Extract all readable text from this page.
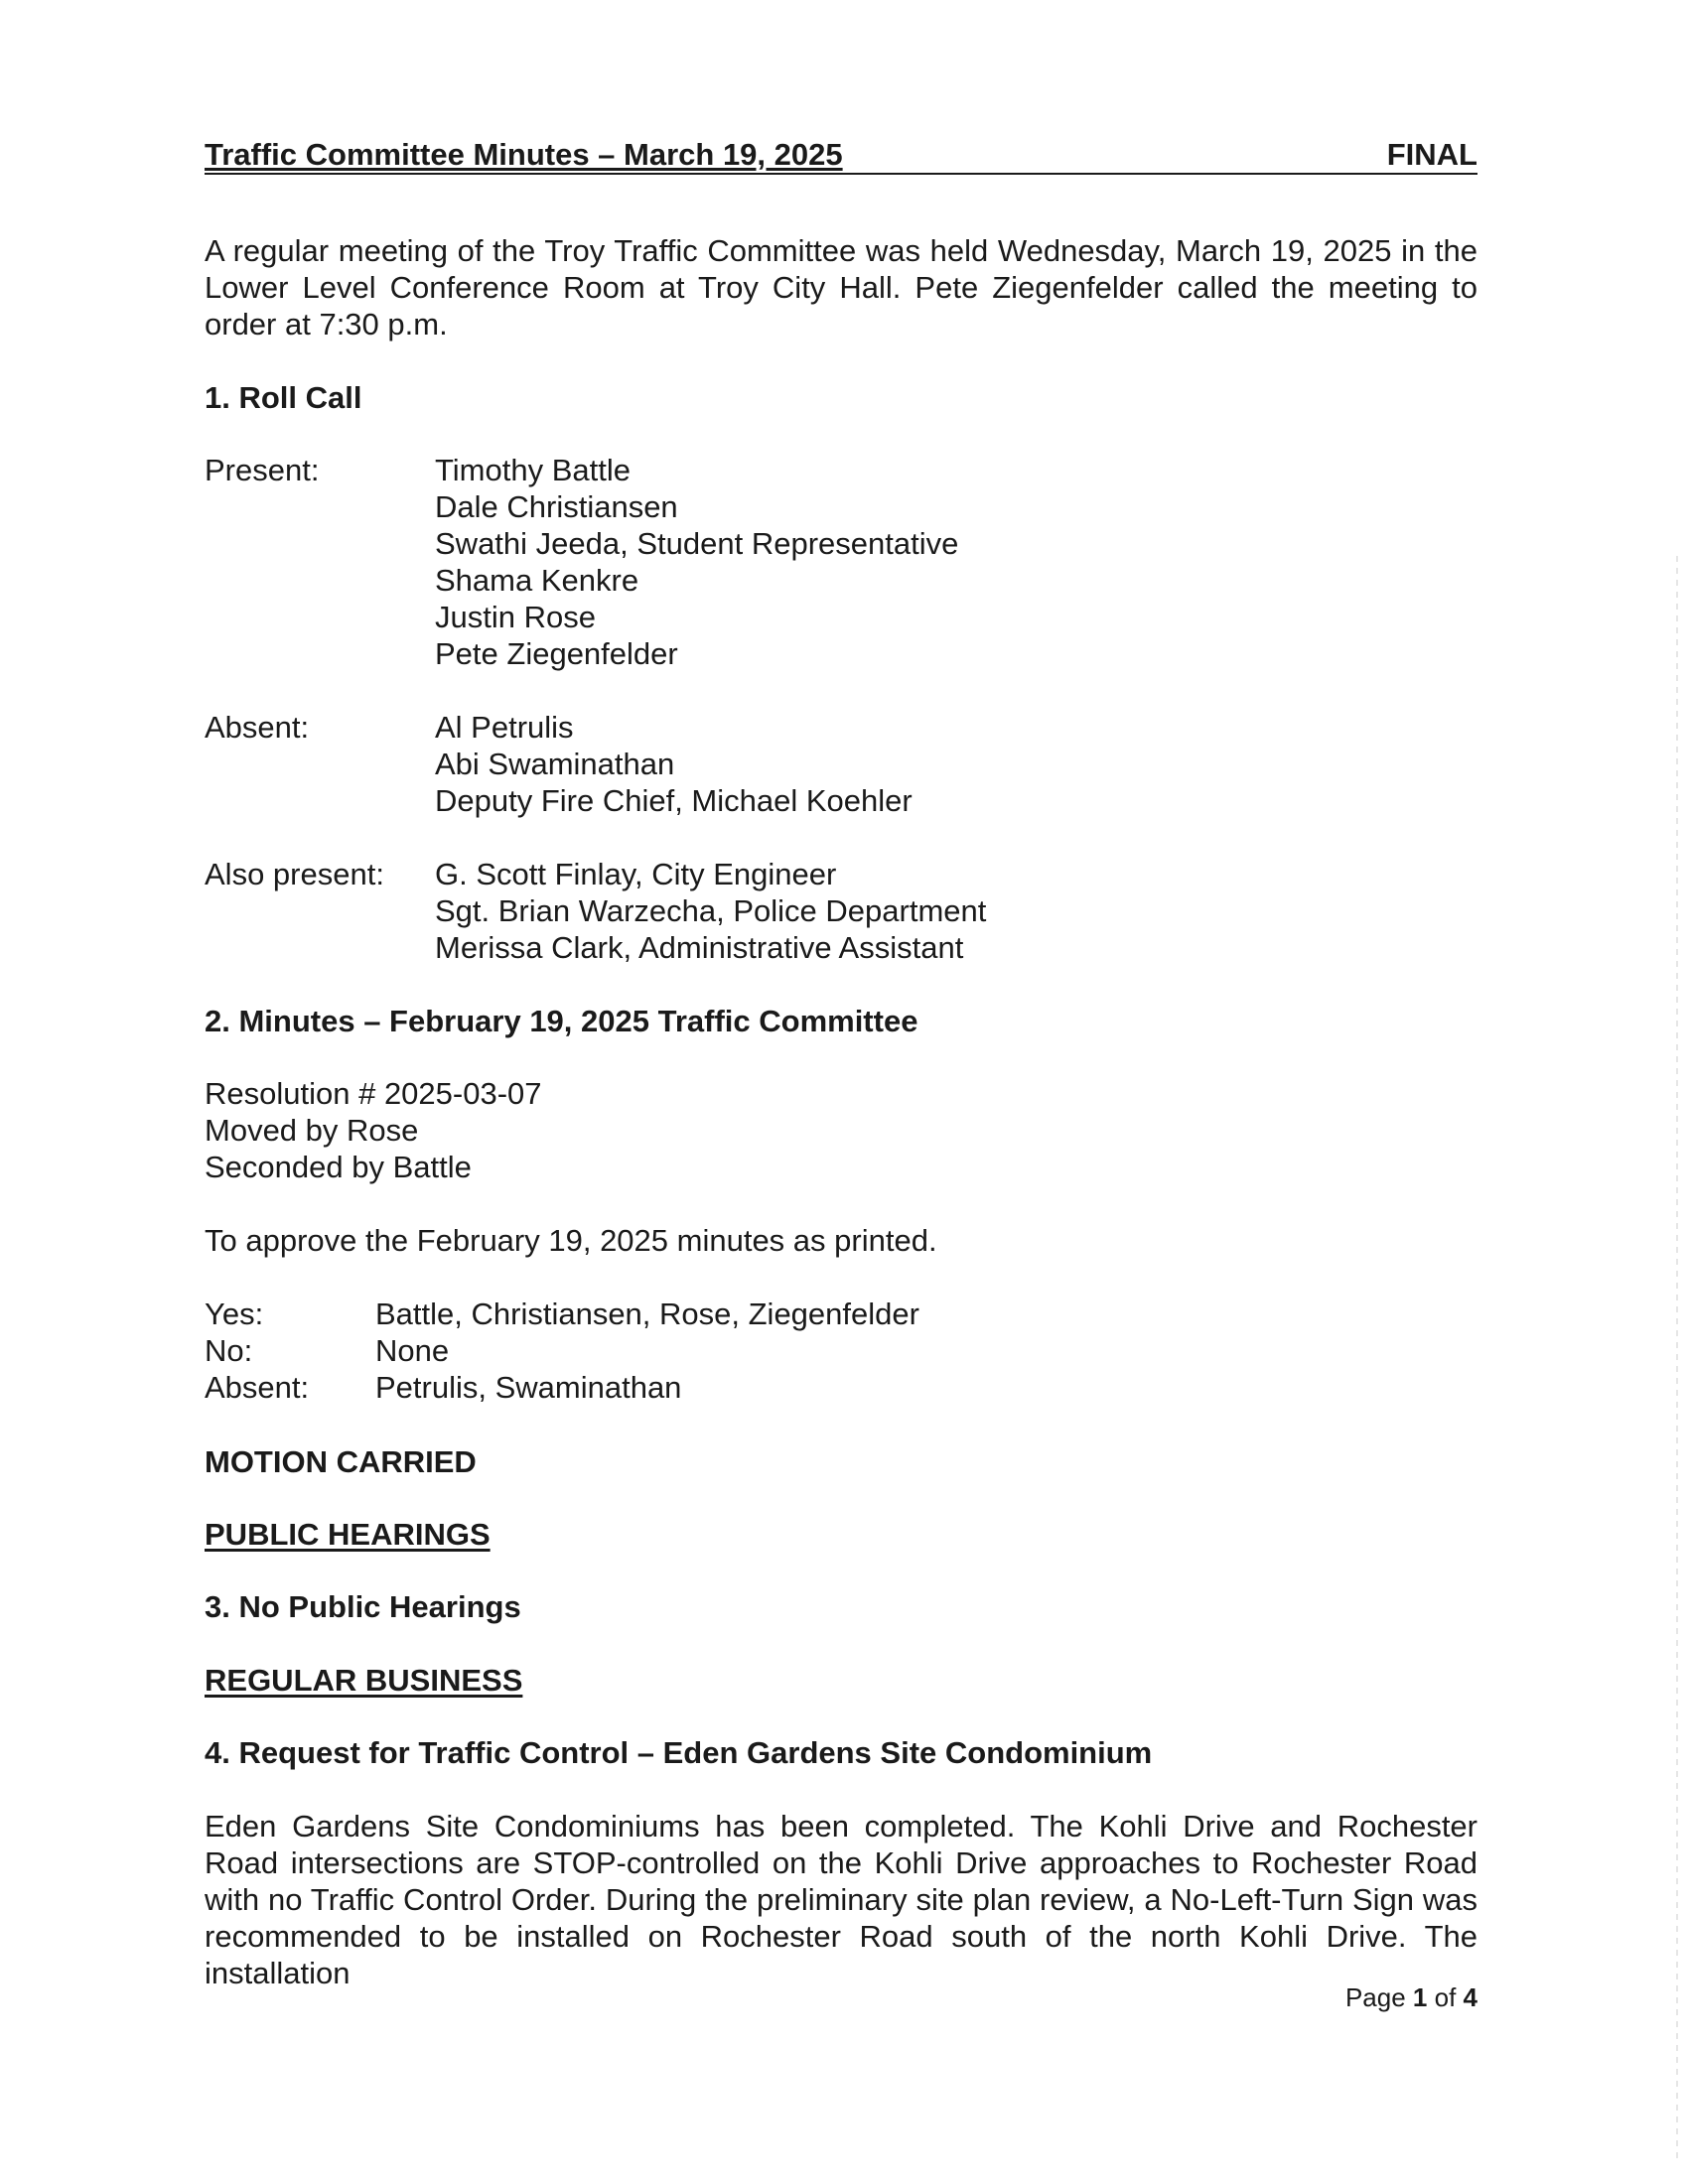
Traffic Committee Minutes – March 19, 2025	FINAL
A regular meeting of the Troy Traffic Committee was held Wednesday, March 19, 2025 in the Lower Level Conference Room at Troy City Hall. Pete Ziegenfelder called the meeting to order at 7:30 p.m.
1. Roll Call
Present:	Timothy Battle
Dale Christiansen
Swathi Jeeda, Student Representative
Shama Kenkre
Justin Rose
Pete Ziegenfelder
Absent:	Al Petrulis
Abi Swaminathan
Deputy Fire Chief, Michael Koehler
Also present:	G. Scott Finlay, City Engineer
Sgt. Brian Warzecha, Police Department
Merissa Clark, Administrative Assistant
2. Minutes – February 19, 2025 Traffic Committee
Resolution # 2025-03-07
Moved by Rose
Seconded by Battle
To approve the February 19, 2025 minutes as printed.
Yes:	Battle, Christiansen, Rose, Ziegenfelder
No:	None
Absent:	Petrulis, Swaminathan
MOTION CARRIED
PUBLIC HEARINGS
3. No Public Hearings
REGULAR BUSINESS
4. Request for Traffic Control – Eden Gardens Site Condominium
Eden Gardens Site Condominiums has been completed. The Kohli Drive and Rochester Road intersections are STOP-controlled on the Kohli Drive approaches to Rochester Road with no Traffic Control Order. During the preliminary site plan review, a No-Left-Turn Sign was recommended to be installed on Rochester Road south of the north Kohli Drive. The installation
Page 1 of 4
